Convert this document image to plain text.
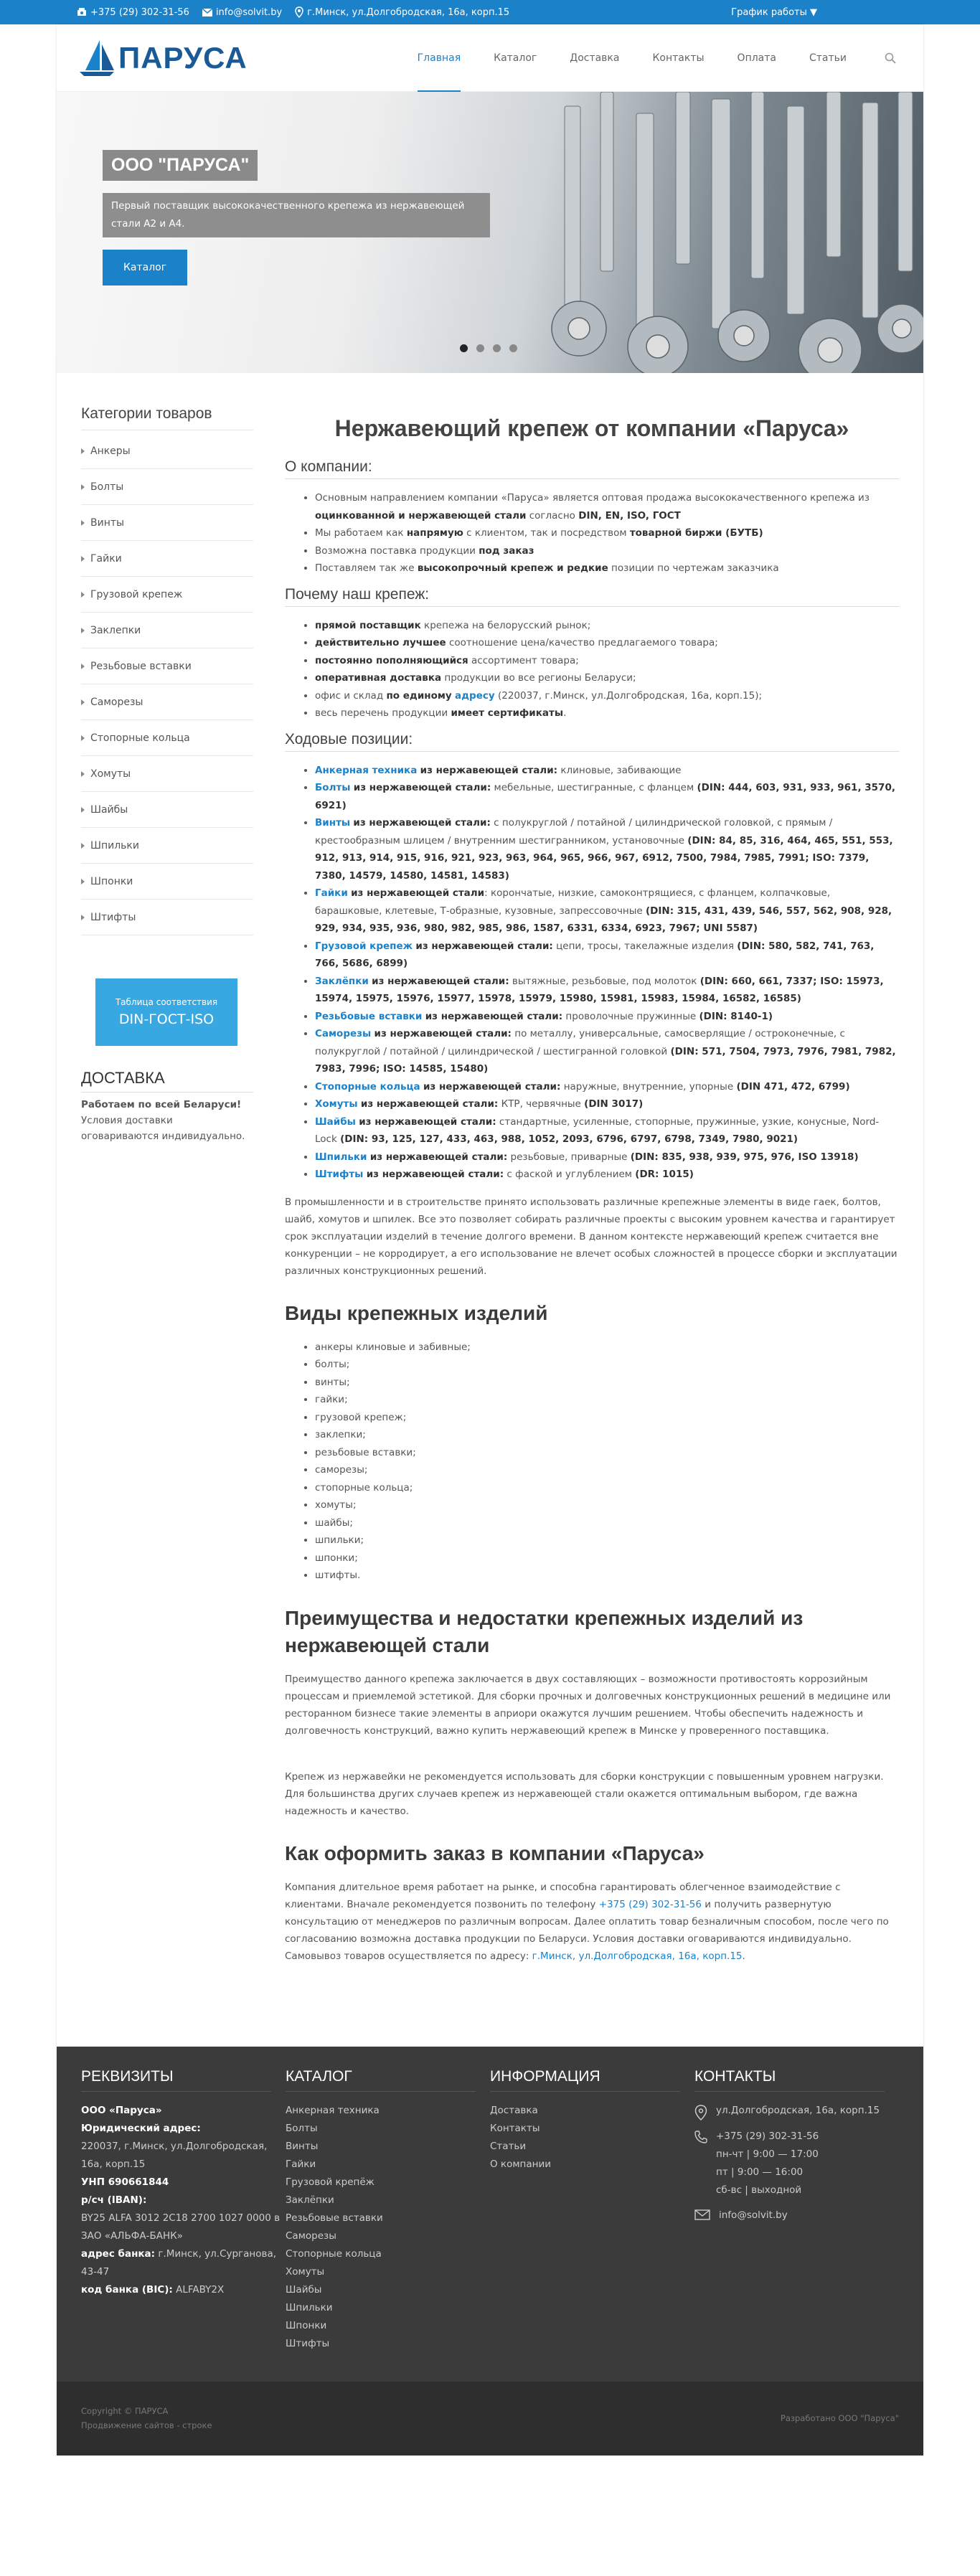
+375 (29) 302-31-56	info@solvit.by	г.Минск, ул.Долгобродская, 16а, корп.15	График работы ▼
ПАРУСА	Главная	Каталог	Доставка	Контакты	Оплата	Статьи
ООО "ПАРУСА"

Первый поставщик высококачественного крепежа из нержавеющей стали А2 и А4.

Каталог
Категории товаров
Анкеры
Болты
Винты
Гайки
Грузовой крепеж
Заклепки
Резьбовые вставки
Саморезы
Стопорные кольца
Хомуты
Шайбы
Шпильки
Шпонки
Штифты
Таблица соответствия
DIN-ГОСТ-ISO
ДОСТАВКА

Работаем по всей Беларуси!

Условия доставки оговариваются индивидуально.

Нержавеющий крепеж от компании «Парусa»
О компании:
• Основным направлением компании «Паруса» является оптовая продажа высококачественного крепежа из оцинкованной и нержавеющей стали согласно DIN, EN, ISO, ГОСТ
• Мы работаем как напрямую с клиентом, так и посредством товарной биржи (БУТБ)
• Возможна поставка продукции под заказ
• Поставляем так же высокопрочный крепеж и редкие позиции по чертежам заказчика
Почему наш крепеж:
• прямой поставщик крепежа на белорусский рынок;
• действительно лучшее соотношение цена/качество предлагаемого товара;
• постоянно пополняющийся ассортимент товара;
• оперативная доставка продукции во все регионы Беларуси;
• офис и склад по единому адресу (220037, г.Минск, ул.Долгобродская, 16а, корп.15);
• весь перечень продукции имеет сертификаты.
Ходовые позиции:
• Анкерная техника из нержавеющей стали: клиновые, забивающие
• Болты из нержавеющей стали: мебельные, шестигранные, с фланцем (DIN: 444, 603, 931, 933, 961, 3570, 6921)
• Винты из нержавеющей стали: с полукруглой / потайной / цилиндрической головкой, с прямым / крестообразным шлицем / внутренним шестигранником, установочные (DIN: 84, 85, 316, 464, 465, 551, 553, 912, 913, 914, 915, 916, 921, 923, 963, 964, 965, 966, 967, 6912, 7500, 7984, 7985, 7991; ISO: 7379, 7380, 14579, 14580, 14581, 14583)
• Гайки из нержавеющей стали: корончатые, низкие, самоконтрящиеся, с фланцем, колпачковые, барашковые, клетевые, Т-образные, кузовные, запрессовочные (DIN: 315, 431, 439, 546, 557, 562, 908, 928, 929, 934, 935, 936, 980, 982, 985, 986, 1587, 6331, 6334, 6923, 7967; UNI 5587)
• Грузовой крепеж из нержавеющей стали: цепи, тросы, такелажные изделия (DIN: 580, 582, 741, 763, 766, 5686, 6899)
• Заклёпки из нержавеющей стали: вытяжные, резьбовые, под молоток (DIN: 660, 661, 7337; ISO: 15973, 15974, 15975, 15976, 15977, 15978, 15979, 15980, 15981, 15983, 15984, 16582, 16585)
• Резьбовые вставки из нержавеющей стали: проволочные пружинные (DIN: 8140-1)
• Саморезы из нержавеющей стали: по металлу, универсальные, самосверлящие / остроконечные, с полукруглой / потайной / цилиндрической / шестигранной головкой (DIN: 571, 7504, 7973, 7976, 7981, 7982, 7983, 7996; ISO: 14585, 15480)
• Стопорные кольца из нержавеющей стали: наружные, внутренние, упорные (DIN 471, 472, 6799)
• Хомуты из нержавеющей стали: КТР, червячные (DIN 3017)
• Шайбы из нержавеющей стали: стандартные, усиленные, стопорные, пружинные, узкие, конусные, Nord-Lock (DIN: 93, 125, 127, 433, 463, 988, 1052, 2093, 6796, 6797, 6798, 7349, 7980, 9021)
• Шпильки из нержавеющей стали: резьбовые, приварные (DIN: 835, 938, 939, 975, 976, ISO 13918)
• Штифты из нержавеющей стали: с фаской и углублением (DR: 1015)

В промышленности и в строительстве принято использовать различные крепежные элементы в виде гаек, болтов, шайб, хомутов и шпилек. Все это позволяет собирать различные проекты с высоким уровнем качества и гарантирует срок эксплуатации изделий в течение долгого времени. В данном контексте нержавеющий крепеж считается вне конкуренции – не корродирует, а его использование не влечет особых сложностей в процессе сборки и эксплуатации различных конструкционных решений.

Виды крепежных изделий
• анкеры клиновые и забивные;
• болты;
• винты;
• гайки;
• грузовой крепеж;
• заклепки;
• резьбовые вставки;
• саморезы;
• стопорные кольца;
• хомуты;
• шайбы;
• шпильки;
• шпонки;
• штифты.
Преимущества и недостатки крепежных изделий из нержавеющей стали

Преимущество данного крепежа заключается в двух составляющих – возможности противостоять коррозийным процессам и приемлемой эстетикой. Для сборки прочных и долговечных конструкционных решений в медицине или ресторанном бизнесе такие элементы в априори окажутся лучшим решением. Чтобы обеспечить надежность и долговечность конструкций, важно купить нержавеющий крепеж в Минске у проверенного поставщика.

Крепеж из нержавейки не рекомендуется использовать для сборки конструкции с повышенным уровнем нагрузки. Для большинства других случаев крепеж из нержавеющей стали окажется оптимальным выбором, где важна надежность и качество.

Как оформить заказ в компании «Паруса»

Компания длительное время работает на рынке, и способна гарантировать облегченное взаимодействие с клиентами. Вначале рекомендуется позвонить по телефону +375 (29) 302-31-56 и получить развернутую консультацию от менеджеров по различным вопросам. Далее оплатить товар безналичным способом, после чего по согласованию возможна доставка продукции по Беларуси. Условия доставки оговариваются индивидуально. Самовывоз товаров осуществляется по адресу: г.Минск, ул.Долгобродская, 16а, корп.15.

РЕКВИЗИТЫ

ООО «Паруса»

Юридический адрес:

220037, г.Минск, ул.Долгобродская, 16а, корп.15

УНП 690661844

р/сч (IBAN):

BY25 ALFA 3012 2C18 2700 1027 0000 в ЗАО «АЛЬФА-БАНК»

адрес банка: г.Минск, ул.Сурганова, 43-47

код банка (BIC): ALFABY2X

КАТАЛОГ
Анкерная техника
Болты
Винты
Гайки
Грузовой крепёж
Заклёпки
Резьбовые вставки
Саморезы
Стопорные кольца
Хомуты
Шайбы
Шпильки
Шпонки
Штифты
ИНФОРМАЦИЯ
Доставка
Контакты
Статьи
О компании
КОНТАКТЫ

ул.Долгобродская, 16а, корп.15

+375 (29) 302-31-56

пн-чт | 9:00 — 17:00

пт | 9:00 — 16:00

сб-вс | выходной

info@solvit.by
Copyright © ПАРУСА
Продвижение сайтов - строке
Разработано ООО "Паруса"
